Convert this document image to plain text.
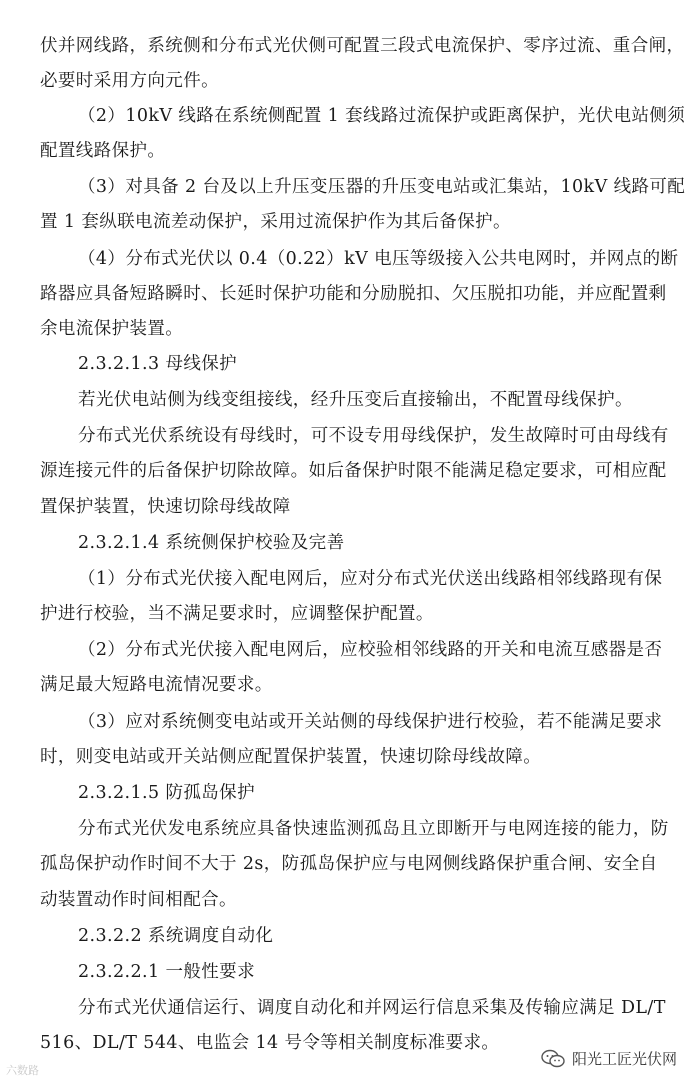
伏并网线路，系统侧和分布式光伏侧可配置三段式电流保护、零序过流、重合闸，
必要时采用方向元件。
（2）10kV 线路在系统侧配置 1 套线路过流保护或距离保护，光伏电站侧须
配置线路保护。
（3）对具备 2 台及以上升压变压器的升压变电站或汇集站，10kV 线路可配
置 1 套纵联电流差动保护，采用过流保护作为其后备保护。
（4）分布式光伏以 0.4（0.22）kV 电压等级接入公共电网时，并网点的断
路器应具备短路瞬时、长延时保护功能和分励脱扣、欠压脱扣功能，并应配置剩
余电流保护装置。
2.3.2.1.3 母线保护
若光伏电站侧为线变组接线，经升压变后直接输出，不配置母线保护。
分布式光伏系统设有母线时，可不设专用母线保护，发生故障时可由母线有
源连接元件的后备保护切除故障。如后备保护时限不能满足稳定要求，可相应配
置保护装置，快速切除母线故障
2.3.2.1.4 系统侧保护校验及完善
（1）分布式光伏接入配电网后，应对分布式光伏送出线路相邻线路现有保
护进行校验，当不满足要求时，应调整保护配置。
（2）分布式光伏接入配电网后，应校验相邻线路的开关和电流互感器是否
满足最大短路电流情况要求。
（3）应对系统侧变电站或开关站侧的母线保护进行校验，若不能满足要求
时，则变电站或开关站侧应配置保护装置，快速切除母线故障。
2.3.2.1.5 防孤岛保护
分布式光伏发电系统应具备快速监测孤岛且立即断开与电网连接的能力，防
孤岛保护动作时间不大于 2s，防孤岛保护应与电网侧线路保护重合闸、安全自
动装置动作时间相配合。
2.3.2.2 系统调度自动化
2.3.2.2.1 一般性要求
分布式光伏通信运行、调度自动化和并网运行信息采集及传输应满足 DL/T
516、DL/T 544、电监会 14 号令等相关制度标准要求。
六数路
阳光工匠光伏网
